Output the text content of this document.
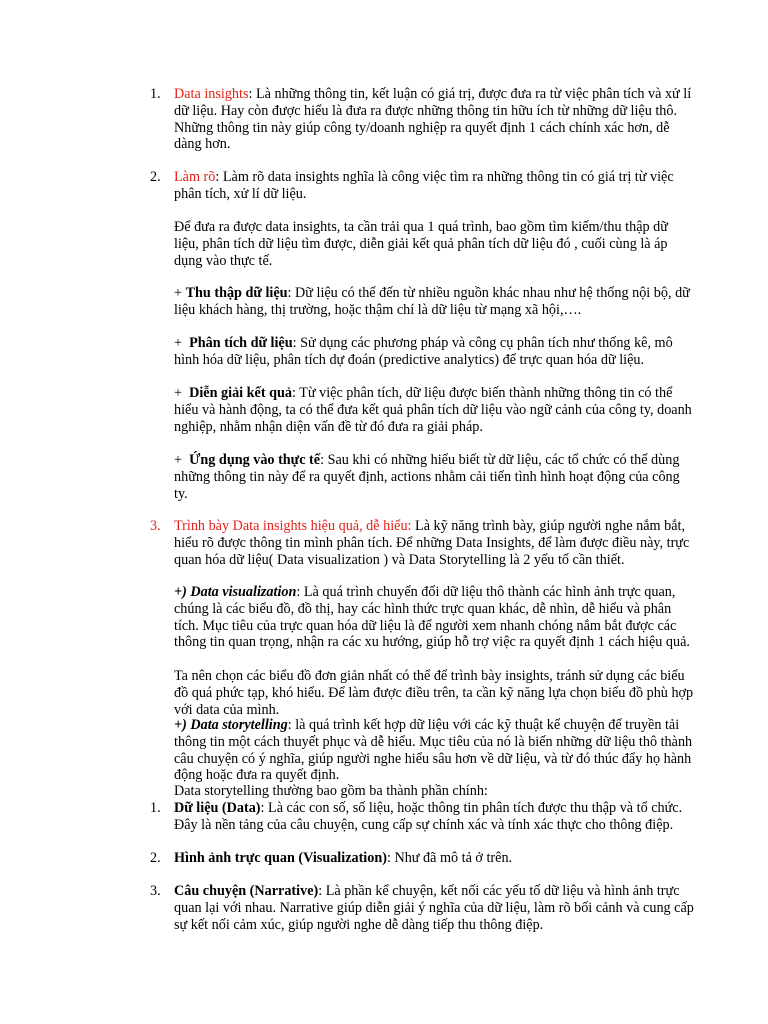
1. Data insights: Là những thông tin, kết luận có giá trị, được đưa ra từ việc phân tích và xử lí dữ liệu. Hay còn được hiểu là đưa ra được những thông tin hữu ích từ những dữ liệu thô. Những thông tin này giúp công ty/doanh nghiệp ra quyết định 1 cách chính xác hơn, dễ dàng hơn.

2. Làm rõ: Làm rõ data insights nghĩa là công việc tìm ra những thông tin có giá trị từ việc phân tích, xử lí dữ liệu.

Để đưa ra được data insights, ta cần trải qua 1 quá trình, bao gồm tìm kiếm/thu thập dữ liệu, phân tích dữ liệu tìm được, diễn giải kết quả phân tích dữ liệu đó , cuối cùng là áp dụng vào thực tế.

+ Thu thập dữ liệu: Dữ liệu có thể đến từ nhiều nguồn khác nhau như hệ thống nội bộ, dữ liệu khách hàng, thị trường, hoặc thậm chí là dữ liệu từ mạng xã hội,….

+  Phân tích dữ liệu: Sử dụng các phương pháp và công cụ phân tích như thống kê, mô hình hóa dữ liệu, phân tích dự đoán (predictive analytics) để trực quan hóa dữ liệu.

+  Diễn giải kết quả: Từ việc phân tích, dữ liệu được biến thành những thông tin có thể hiểu và hành động, ta có thể đưa kết quả phân tích dữ liệu vào ngữ cảnh của công ty, doanh nghiệp, nhằm nhận diện vấn đề từ đó đưa ra giải pháp.

+  Ứng dụng vào thực tế: Sau khi có những hiểu biết từ dữ liệu, các tổ chức có thể dùng những thông tin này để ra quyết định, actions nhằm cải tiến tình hình hoạt động của công ty.

3. Trình bày Data insights hiệu quả, dễ hiểu: Là kỹ năng trình bày, giúp người nghe nắm bắt, hiểu rõ được thông tin mình phân tích. Để những Data Insights, để làm được điều này, trực quan hóa dữ liệu( Data visualization ) và Data Storytelling là 2 yếu tố cần thiết.

+) Data visualization: Là quá trình chuyển đổi dữ liệu thô thành các hình ảnh trực quan, chúng là các biểu đồ, đồ thị, hay các hình thức trực quan khác, dễ nhìn, dễ hiểu và phân tích. Mục tiêu của trực quan hóa dữ liệu là để người xem nhanh chóng nắm bắt được các thông tin quan trọng, nhận ra các xu hướng, giúp hỗ trợ việc ra quyết định 1 cách hiệu quả.

Ta nên chọn các biểu đồ đơn giản nhất có thể để trình bày insights, tránh sử dụng các biểu đồ quá phức tạp, khó hiểu. Để làm được điều trên, ta cần kỹ năng lựa chọn biểu đồ phù hợp với data của mình.

+) Data storytelling: là quá trình kết hợp dữ liệu với các kỹ thuật kể chuyện để truyền tải thông tin một cách thuyết phục và dễ hiểu. Mục tiêu của nó là biến những dữ liệu thô thành câu chuyện có ý nghĩa, giúp người nghe hiểu sâu hơn về dữ liệu, và từ đó thúc đẩy họ hành động hoặc đưa ra quyết định.

Data storytelling thường bao gồm ba thành phần chính:

1. Dữ liệu (Data): Là các con số, số liệu, hoặc thông tin phân tích được thu thập và tổ chức. Đây là nền tảng của câu chuyện, cung cấp sự chính xác và tính xác thực cho thông điệp.

2. Hình ảnh trực quan (Visualization): Như đã mô tả ở trên.

3. Câu chuyện (Narrative): Là phần kể chuyện, kết nối các yếu tố dữ liệu và hình ảnh trực quan lại với nhau. Narrative giúp diễn giải ý nghĩa của dữ liệu, làm rõ bối cảnh và cung cấp sự kết nối cảm xúc, giúp người nghe dễ dàng tiếp thu thông điệp.
